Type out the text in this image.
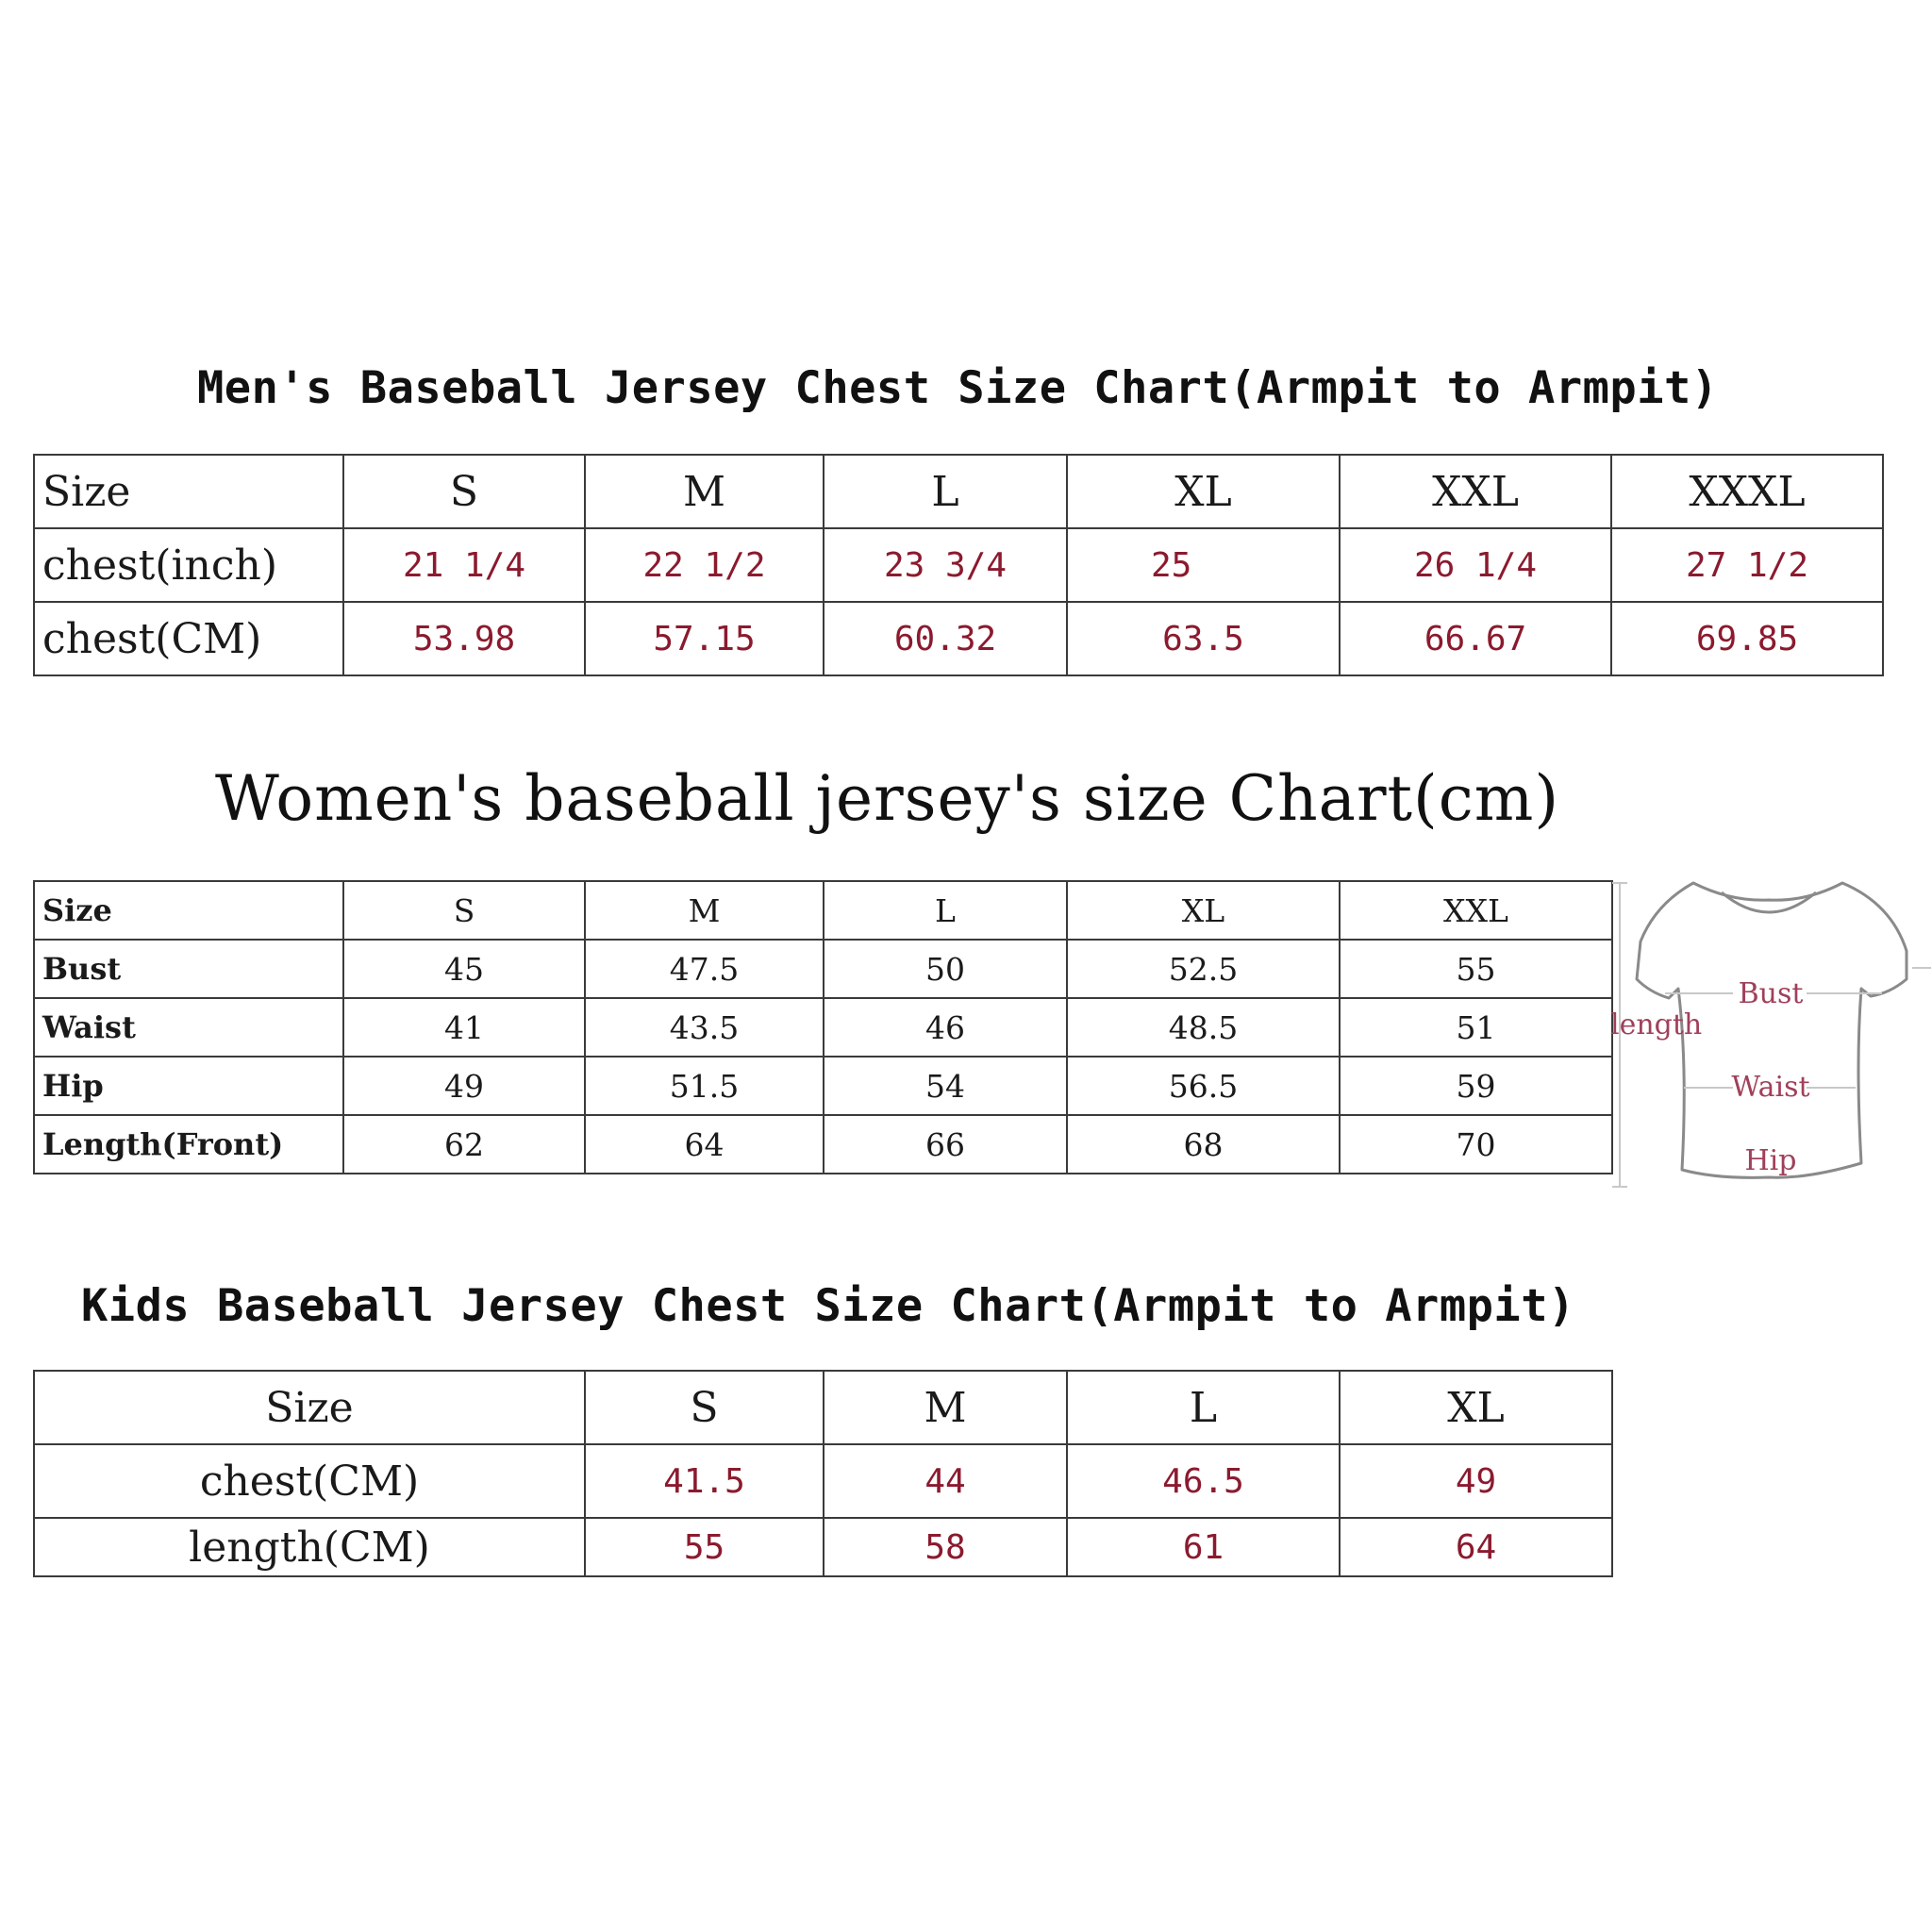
Men's Baseball Jersey Chest Size Chart(Armpit to Armpit)
Size	S	M	L	XL	XXL	XXXL
chest(inch)	21 1/4	22 1/2	23 3/4	25	26 1/4	27 1/2
chest(CM)	53.98	57.15	60.32	63.5	66.67	69.85
Women's baseball jersey's size Chart(cm)
Size	S	M	L	XL	XXL
Bust	45	47.5	50	52.5	55
Waist	41	43.5	46	48.5	51
Hip	49	51.5	54	56.5	59
Length(Front)	62	64	66	68	70
Bust
Waist
Hip
length
Kids Baseball Jersey Chest Size Chart(Armpit to Armpit)
Size	S	M	L	XL
chest(CM)	41.5	44	46.5	49
length(CM)	55	58	61	64
